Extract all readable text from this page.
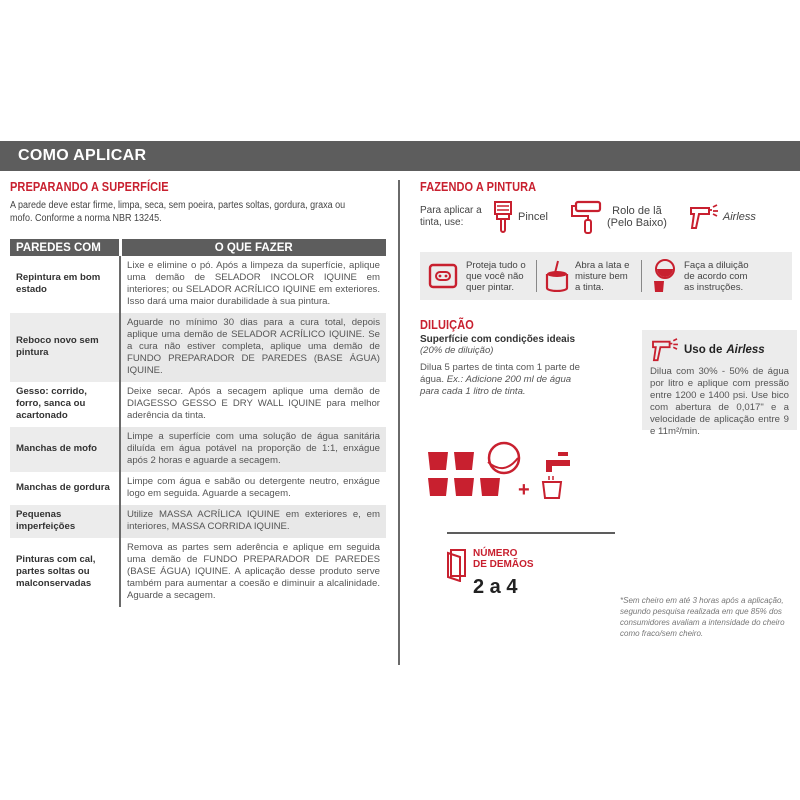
COMO APLICAR
PREPARANDO A SUPERFÍCIE
A parede deve estar firme, limpa, seca, sem poeira, partes soltas, gordura, graxa ou mofo. Conforme a norma NBR 13245.
PAREDES COM	O QUE FAZER
Repintura em bom estado	Lixe e elimine o pó. Após a limpeza da superfície, aplique uma demão de SELADOR INCOLOR IQUINE em interiores; ou SELADOR ACRÍLICO IQUINE em exteriores. Isso dará uma maior durabilidade à sua pintura.
Reboco novo sem pintura	Aguarde no mínimo 30 dias para a cura total, depois aplique uma demão de SELADOR ACRÍLICO IQUINE. Se a cura não estiver completa, aplique uma demão de FUNDO PREPARADOR DE PAREDES (BASE ÁGUA) IQUINE.
Gesso: corrido, forro, sanca ou acartonado	Deixe secar. Após a secagem aplique uma demão de DIAGESSO GESSO E DRY WALL IQUINE para melhor aderência da tinta.
Manchas de mofo	Limpe a superfície com uma solução de água sanitária diluída em água potável na proporção de 1:1, enxágue após 2 horas e aguarde a secagem.
Manchas de gordura	Limpe com água e sabão ou detergente neutro, enxágue logo em seguida. Aguarde a secagem.
Pequenas imperfeições	Utilize MASSA ACRÍLICA IQUINE em exteriores e, em interiores, MASSA CORRIDA IQUINE.
Pinturas com cal, partes soltas ou malconservadas	Remova as partes sem aderência e aplique em seguida uma demão de FUNDO PREPARADOR DE PAREDES (BASE ÁGUA) IQUINE. A aplicação desse produto serve também para aumentar a coesão e diminuir a alcalinidade. Aguarde a secagem.
FAZENDO A PINTURA
Para aplicar a tinta, use:	Pincel	Rolo de lã
(Pelo Baixo)	Airless
Proteja tudo o que você não quer pintar.
Abra a lata e misture bem a tinta.
Faça a diluição de acordo com as instruções.
DILUIÇÃO
Superfície com condições ideais
(20% de diluição)
Dilua 5 partes de tinta com 1 parte de água. Ex.: Adicione 200 ml de água para cada 1 litro de tinta.
+
Uso de Airless
Dilua com 30% - 50% de água por litro e aplique com pressão entre 1200 e 1400 psi. Use bico com abertura de 0,017" e a velocidade de aplicação entre 9 e 11m²/min.
NÚMERO
DE DEMÃOS
2 a 4
*Sem cheiro em até 3 horas após a aplicação, segundo pesquisa realizada em que 85% dos consumidores avaliam a intensidade do cheiro como fraco/sem cheiro.
